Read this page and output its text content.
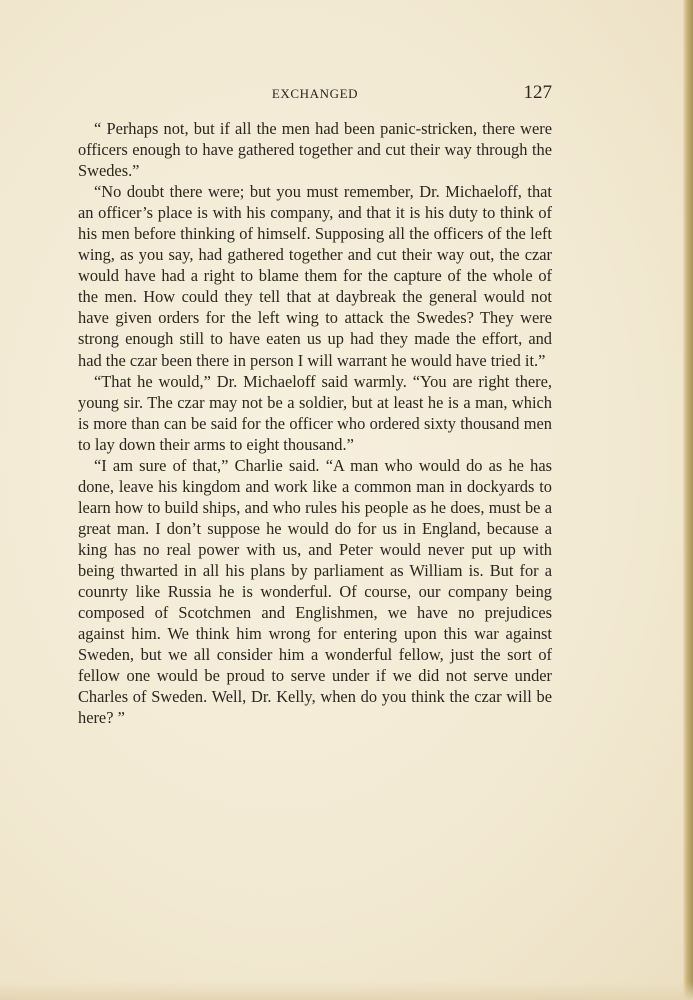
EXCHANGED	127

“ Perhaps not, but if all the men had been panic-stricken, there were officers enough to have gathered together and cut their way through the Swedes.”

“No doubt there were; but you must remember, Dr. Michaeloff, that an officer’s place is with his company, and that it is his duty to think of his men before thinking of himself. Supposing all the officers of the left wing, as you say, had gathered together and cut their way out, the czar would have had a right to blame them for the capture of the whole of the men. How could they tell that at daybreak the general would not have given orders for the left wing to attack the Swedes? They were strong enough still to have eaten us up had they made the effort, and had the czar been there in person I will warrant he would have tried it.”

“That he would,” Dr. Michaeloff said warmly. “You are right there, young sir. The czar may not be a soldier, but at least he is a man, which is more than can be said for the officer who ordered sixty thousand men to lay down their arms to eight thousand.”

“I am sure of that,” Charlie said. “A man who would do as he has done, leave his kingdom and work like a common man in dockyards to learn how to build ships, and who rules his people as he does, must be a great man. I don’t suppose he would do for us in England, because a king has no real power with us, and Peter would never put up with being thwarted in all his plans by parliament as William is. But for a counrty like Russia he is wonderful. Of course, our company being composed of Scotchmen and Englishmen, we have no prejudices against him. We think him wrong for entering upon this war against Sweden, but we all consider him a wonderful fellow, just the sort of fellow one would be proud to serve under if we did not serve under Charles of Sweden. Well, Dr. Kelly, when do you think the czar will be here? ”
